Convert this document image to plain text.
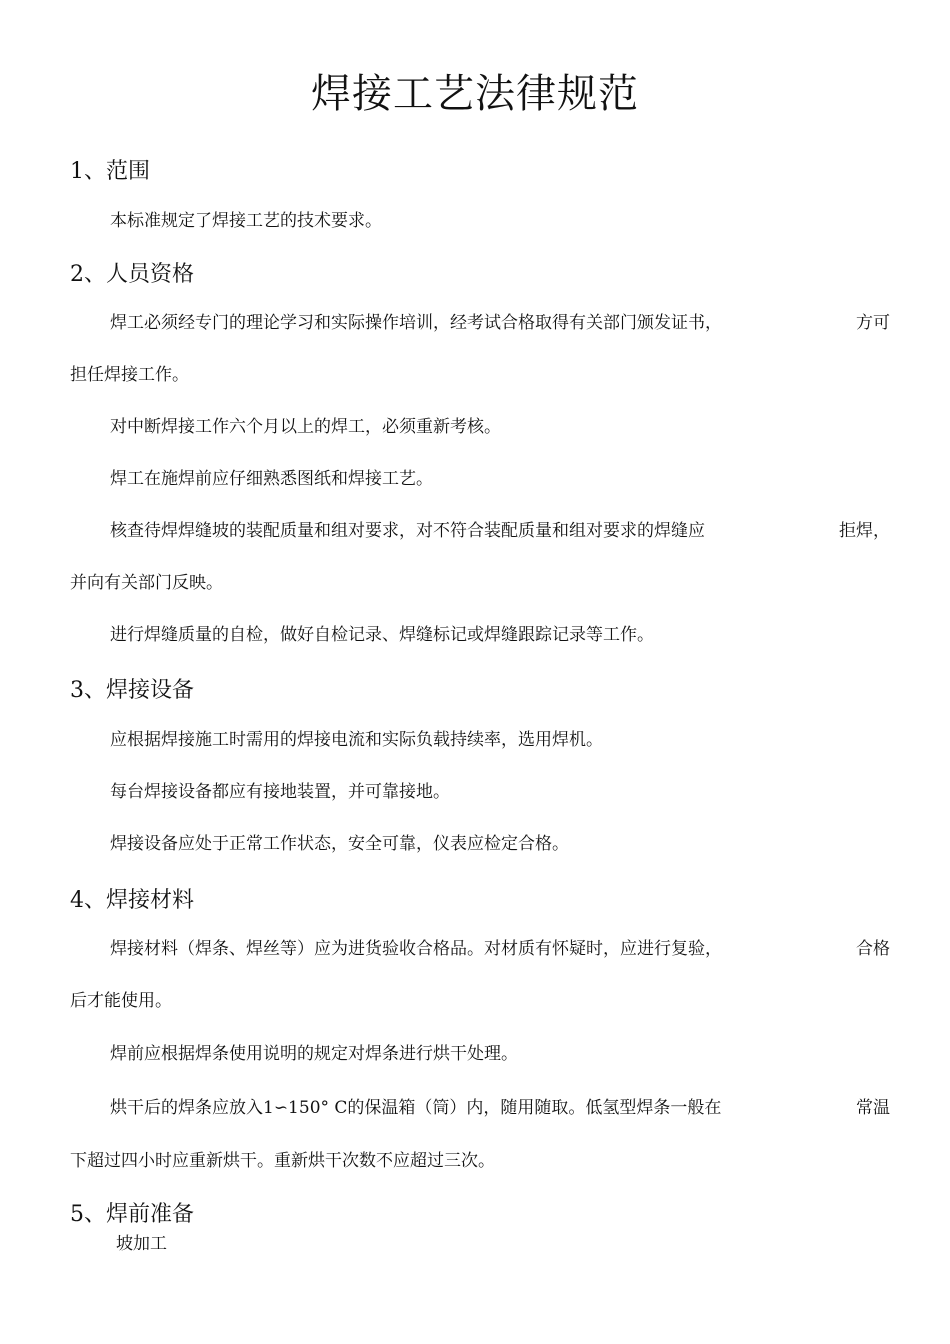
焊接工艺法律规范
1、范围
本标准规定了焊接工艺的技术要求。
2、人员资格
焊工必须经专门的理论学习和实际操作培训，经考试合格取得有关部门颁发证书，	方可
担任焊接工作。
对中断焊接工作六个月以上的焊工，必须重新考核。
焊工在施焊前应仔细熟悉图纸和焊接工艺。
核查待焊焊缝坡的装配质量和组对要求，对不符合装配质量和组对要求的焊缝应	拒焊，
并向有关部门反映。
进行焊缝质量的自检，做好自检记录、焊缝标记或焊缝跟踪记录等工作。
3、焊接设备
应根据焊接施工时需用的焊接电流和实际负载持续率，选用焊机。
每台焊接设备都应有接地装置，并可靠接地。
焊接设备应处于正常工作状态，安全可靠，仪表应检定合格。
4、焊接材料
焊接材料（焊条、焊丝等）应为进货验收合格品。对材质有怀疑时，应进行复验，	合格
后才能使用。
焊前应根据焊条使用说明的规定对焊条进行烘干处理。
烘干后的焊条应放入1∽150° C的保温箱（筒）内，随用随取。低氢型焊条一般在	常温
下超过四小时应重新烘干。重新烘干次数不应超过三次。
5、焊前准备
坡加工
